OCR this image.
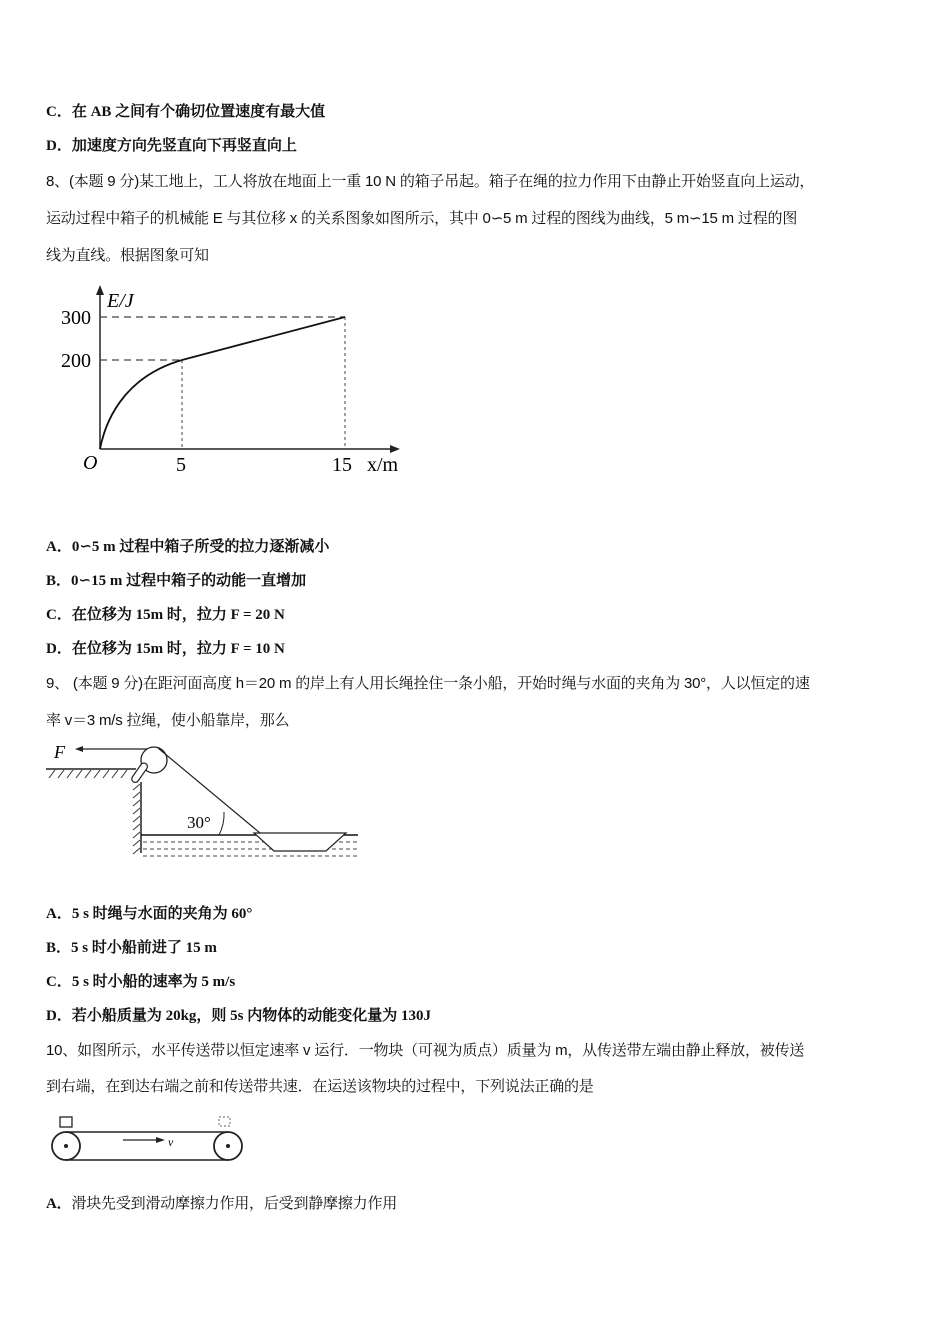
C．在 AB 之间有个确切位置速度有最大值
D．加速度方向先竖直向下再竖直向上
8、(本题 9 分)某工地上，工人将放在地面上一重 10 N 的箱子吊起。箱子在绳的拉力作用下由静止开始竖直向上运动，
运动过程中箱子的机械能 E 与其位移 x 的关系图象如图所示，其中 0∽5 m 过程的图线为曲线，5 m∽15 m 过程的图
线为直线。根据图象可知
E/J
300
200
O	5	15 x/m
A．0∽5 m 过程中箱子所受的拉力逐渐减小
B．0∽15 m 过程中箱子的动能一直增加
C．在位移为 15m 时，拉力 F = 20 N
D．在位移为 15m 时，拉力 F = 10 N
9、 (本题 9 分)在距河面高度 h＝20 m 的岸上有人用长绳拴住一条小船，开始时绳与水面的夹角为 30°，人以恒定的速
率 v＝3 m/s 拉绳，使小船靠岸，那么
F
30°
A．5 s 时绳与水面的夹角为 60°
B．5 s 时小船前进了 15 m
C．5 s 时小船的速率为 5 m/s
D．若小船质量为 20kg，则 5s 内物体的动能变化量为 130J
10、如图所示，水平传送带以恒定速率 v 运行．一物块（可视为质点）质量为 m，从传送带左端由静止释放，被传送
到右端，在到达右端之前和传送带共速．在运送该物块的过程中，下列说法正确的是
v
A．滑块先受到滑动摩擦力作用，后受到静摩擦力作用
